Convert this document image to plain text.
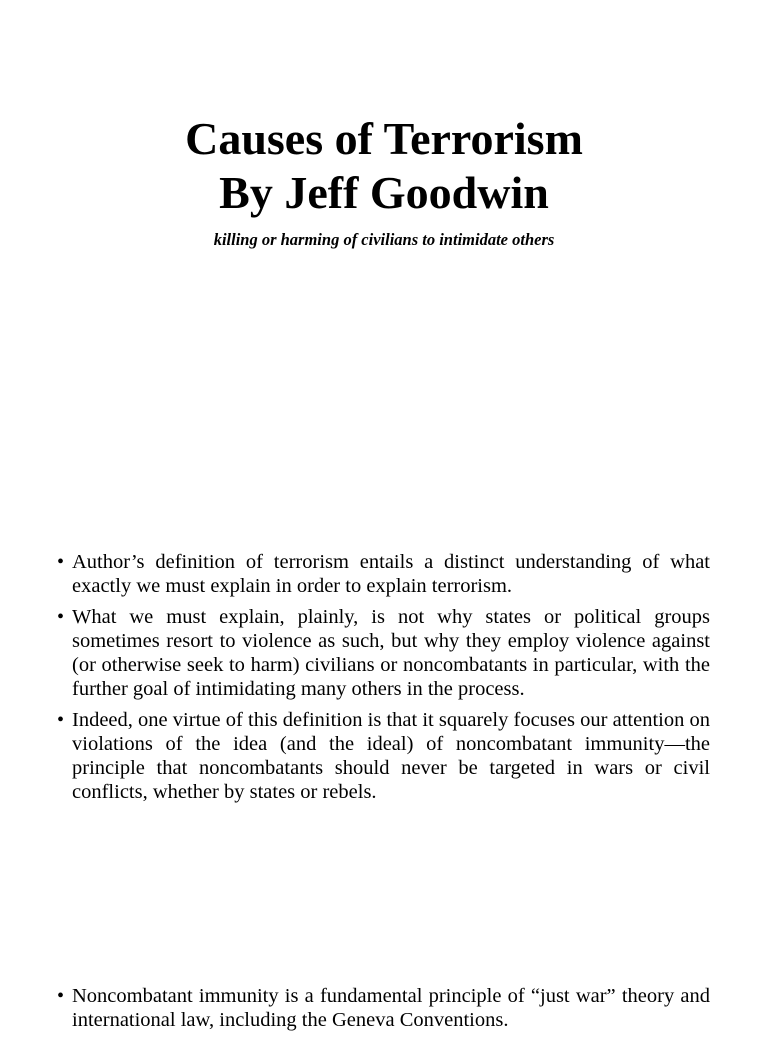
Causes of Terrorism

By Jeff Goodwin

killing or harming of civilians to intimidate others

• Author’s definition of terrorism entails a distinct understanding of what exactly we must explain in order to explain terrorism.
• What we must explain, plainly, is not why states or political groups sometimes resort to violence as such, but why they employ violence against (or otherwise seek to harm) civilians or noncombatants in particular, with the further goal of intimidating many others in the process.
• Indeed, one virtue of this definition is that it squarely focuses our attention on violations of the idea (and the ideal) of noncombatant immunity—the principle that noncombatants should never be targeted in wars or civil conflicts, whether by states or rebels.
• Noncombatant immunity is a fundamental principle of “just war” theory and international law, including the Geneva Conventions.
